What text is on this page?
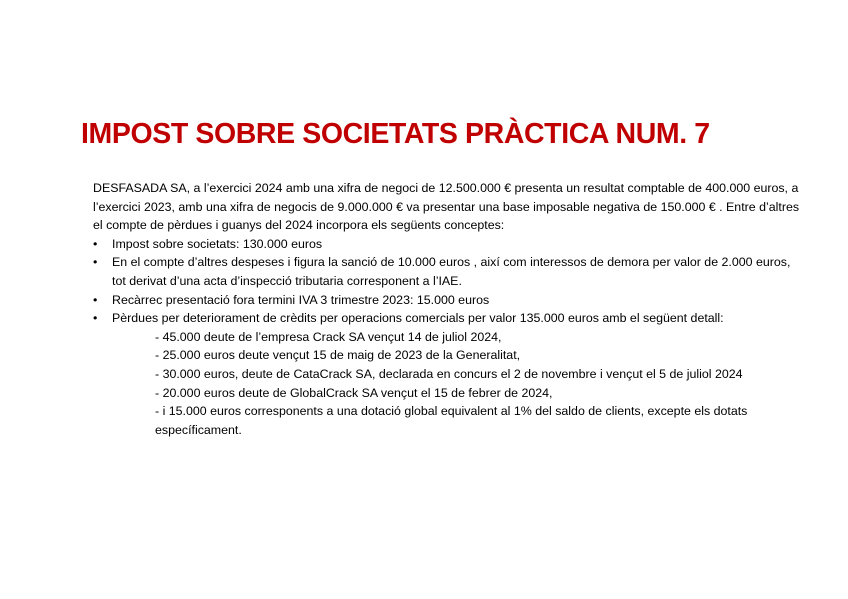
IMPOST SOBRE SOCIETATS PRÀCTICA NUM. 7

DESFASADA SA, a l’exercici 2024 amb una xifra de negoci de 12.500.000 € presenta un resultat comptable de 400.000 euros, a l’exercici 2023, amb una xifra de negocis de 9.000.000 € va presentar una base imposable negativa de 150.000 € . Entre d’altres el compte de pèrdues i guanys del 2024 incorpora els següents conceptes:

• Impost sobre societats: 130.000 euros
• En el compte d’altres despeses i figura la sanció de 10.000 euros , així com interessos de demora per valor de 2.000 euros, tot derivat d’una acta d’inspecció tributaria corresponent a l’IAE.
• Recàrrec presentació fora termini IVA 3 trimestre 2023: 15.000 euros
• Pèrdues per deteriorament de crèdits per operacions comercials per valor 135.000 euros amb el següent detall:
- 45.000 deute de l’empresa Crack SA vençut 14 de juliol 2024,
- 25.000 euros deute vençut 15 de maig de 2023 de la Generalitat,
- 30.000 euros, deute de CataCrack SA, declarada en concurs el 2 de novembre i vençut el 5 de juliol 2024
- 20.000 euros deute de GlobalCrack SA vençut el 15 de febrer de 2024,
- i 15.000 euros corresponents a una dotació global equivalent al 1% del saldo de clients, excepte els dotats específicament.
